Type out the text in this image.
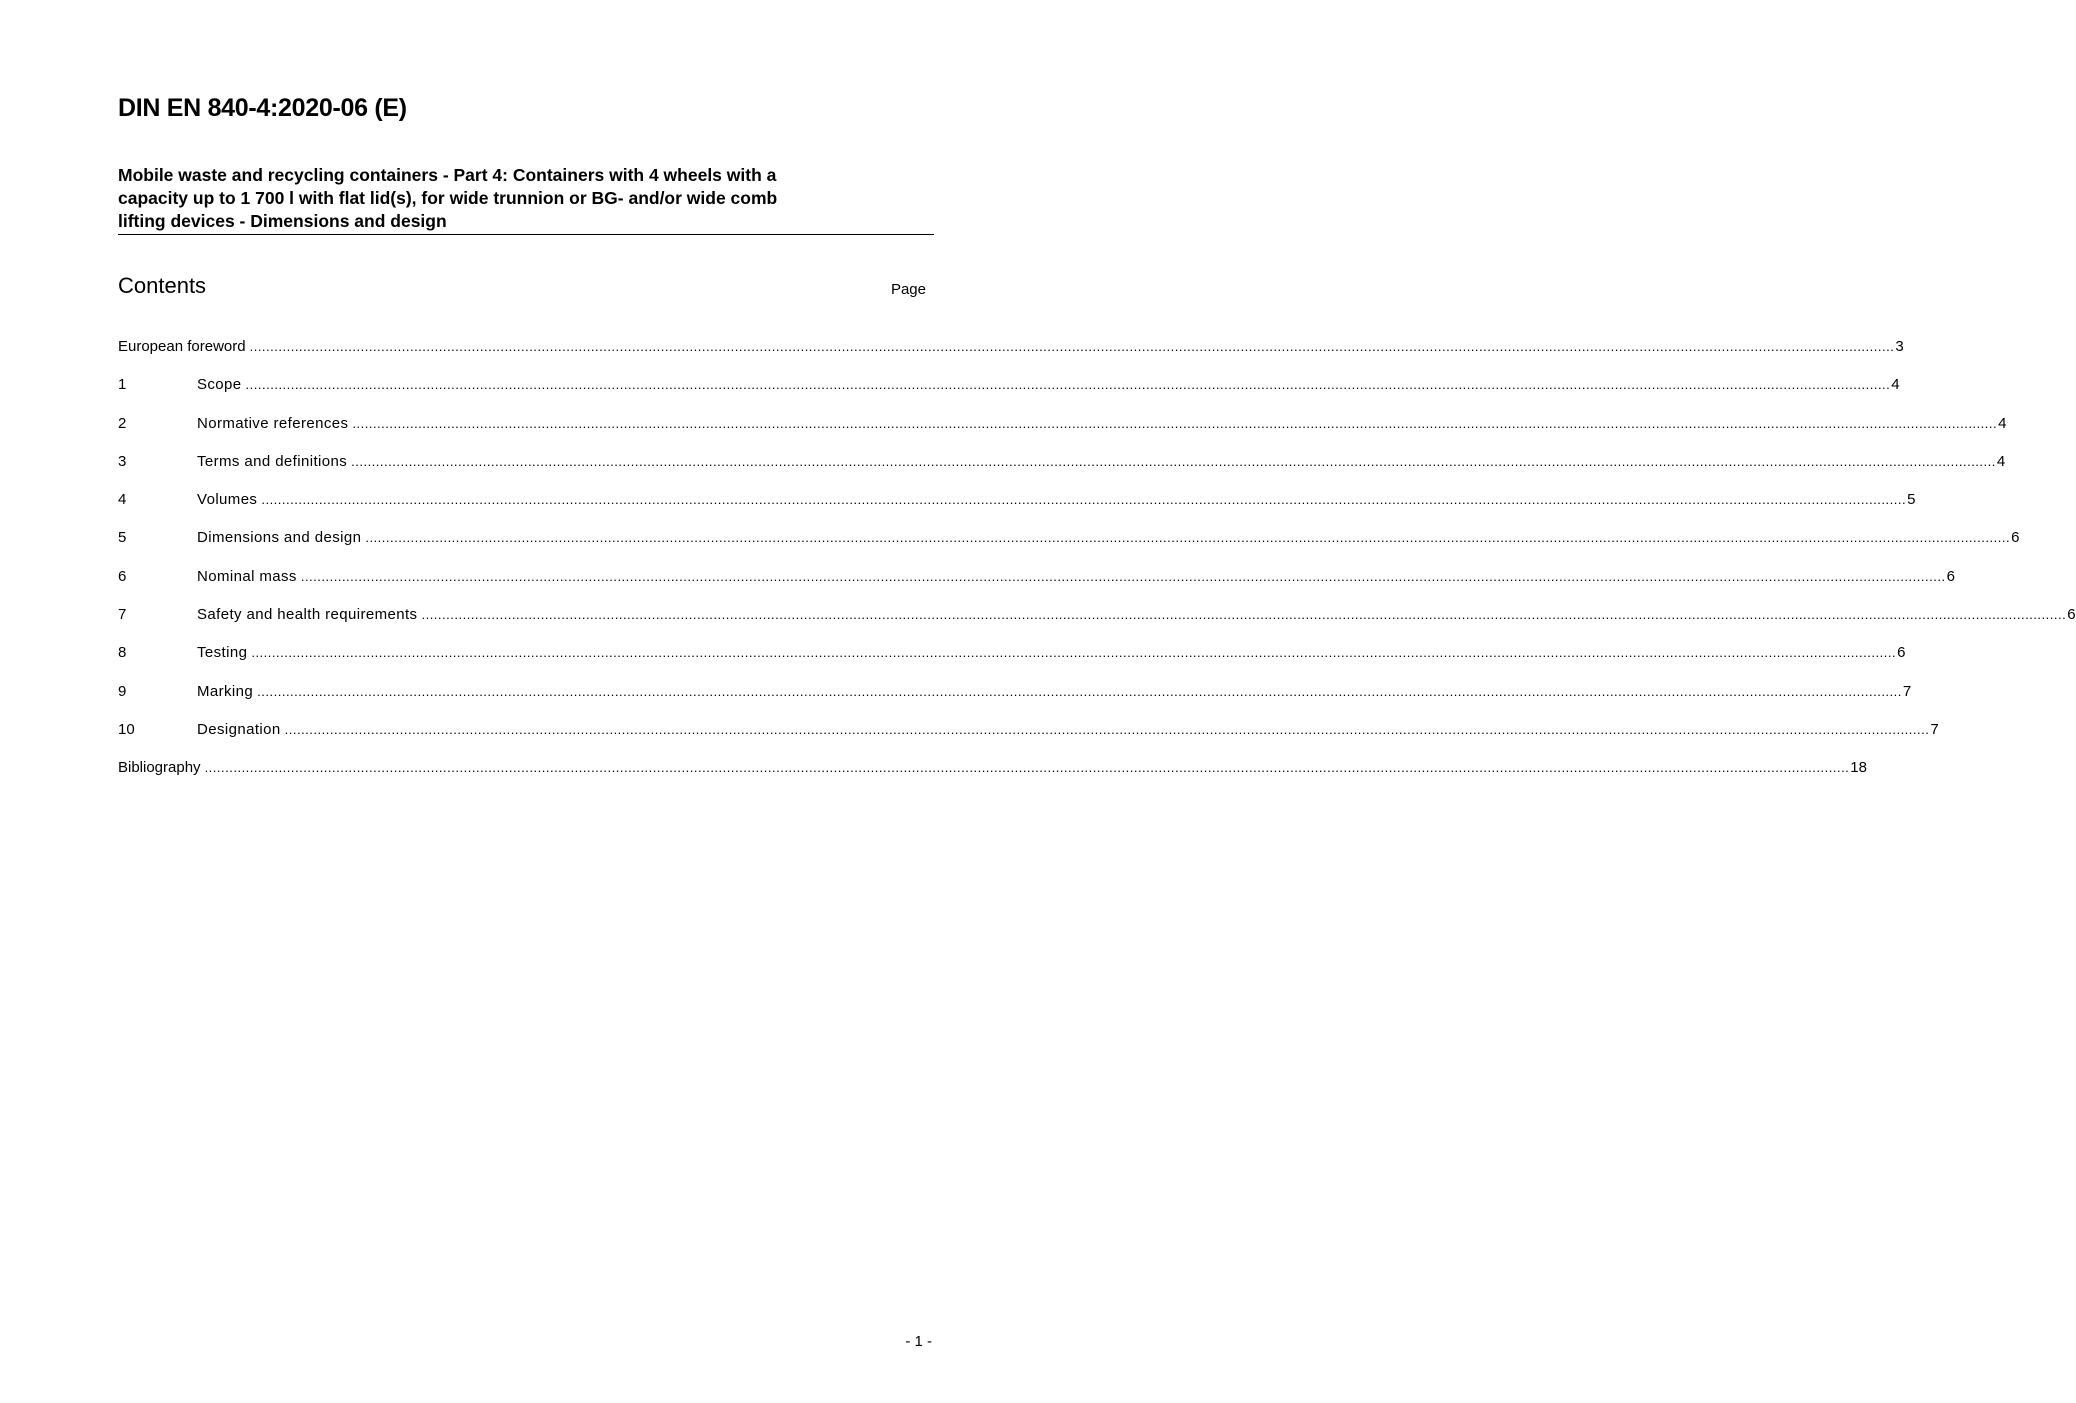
DIN EN 840-4:2020-06 (E)
Mobile waste and recycling containers - Part 4: Containers with 4 wheels with a
capacity up to 1 700 l with flat lid(s), for wide trunnion or BG- and/or wide comb
lifting devices - Dimensions and design
Contents	Page
European foreword ................................................................................................................................................................................................................................................................................................................................................................................................................ 3
1	Scope ................................................................................................................................................................................................................................................................................................................................................................................................................ 4
2	Normative references ................................................................................................................................................................................................................................................................................................................................................................................................................ 4
3	Terms and definitions ................................................................................................................................................................................................................................................................................................................................................................................................................ 4
4	Volumes ................................................................................................................................................................................................................................................................................................................................................................................................................ 5
5	Dimensions and design ................................................................................................................................................................................................................................................................................................................................................................................................................ 6
6	Nominal mass ................................................................................................................................................................................................................................................................................................................................................................................................................ 6
7	Safety and health requirements ................................................................................................................................................................................................................................................................................................................................................................................................................ 6
8	Testing ................................................................................................................................................................................................................................................................................................................................................................................................................ 6
9	Marking ................................................................................................................................................................................................................................................................................................................................................................................................................ 7
10	Designation ................................................................................................................................................................................................................................................................................................................................................................................................................ 7
Bibliography ................................................................................................................................................................................................................................................................................................................................................................................................................ 18
- 1 -
